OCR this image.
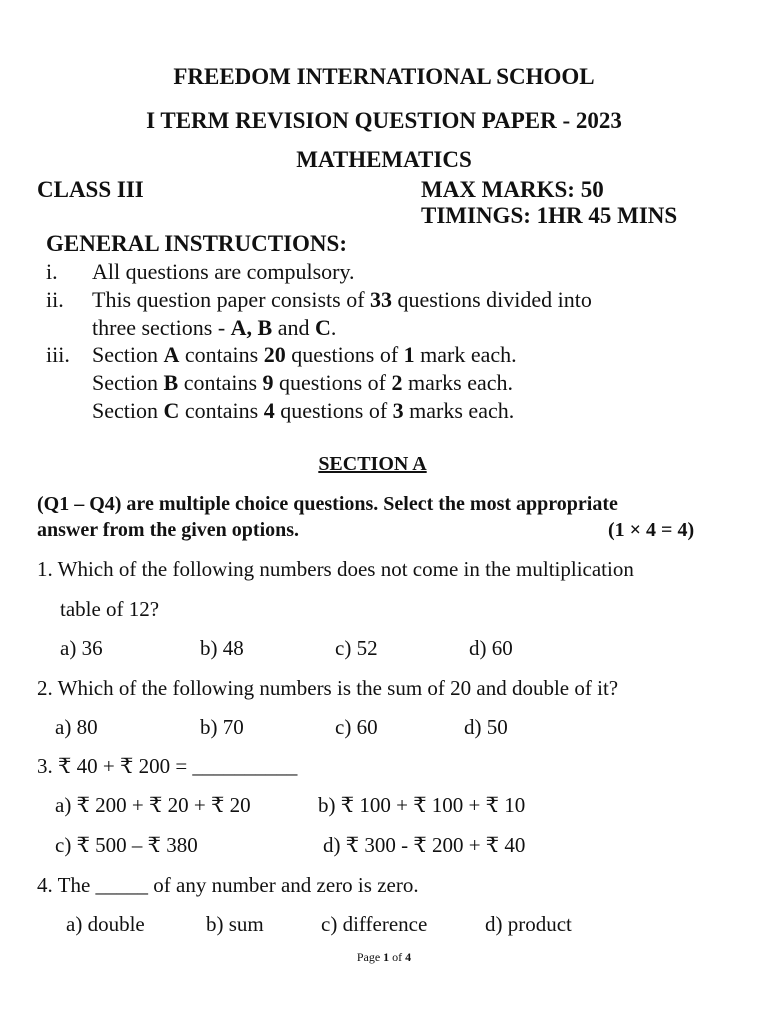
FREEDOM INTERNATIONAL SCHOOL
I TERM REVISION QUESTION PAPER - 2023
MATHEMATICS
CLASS III	MAX MARKS: 50
TIMINGS: 1HR 45 MINS
GENERAL INSTRUCTIONS:
i. All questions are compulsory.
ii. This question paper consists of 33 questions divided into
three sections - A, B and C.
iii. Section A contains 20 questions of 1 mark each.
Section B contains 9 questions of 2 marks each.
Section C contains 4 questions of 3 marks each.
SECTION A
(Q1 – Q4) are multiple choice questions. Select the most appropriate
answer from the given options.	(1 × 4 = 4)
1. Which of the following numbers does not come in the multiplication
table of 12?
a) 36	b) 48	c) 52	d) 60
2. Which of the following numbers is the sum of 20 and double of it?
a) 80	b) 70	c) 60	d) 50
3. ₹ 40 + ₹ 200 = __________
a) ₹ 200 + ₹ 20 + ₹ 20	b) ₹ 100 + ₹ 100 + ₹ 10
c) ₹ 500 – ₹ 380	d) ₹ 300 - ₹ 200 + ₹ 40
4. The _____ of any number and zero is zero.
a) double	b) sum	c) difference	d) product
Page 1 of 4
